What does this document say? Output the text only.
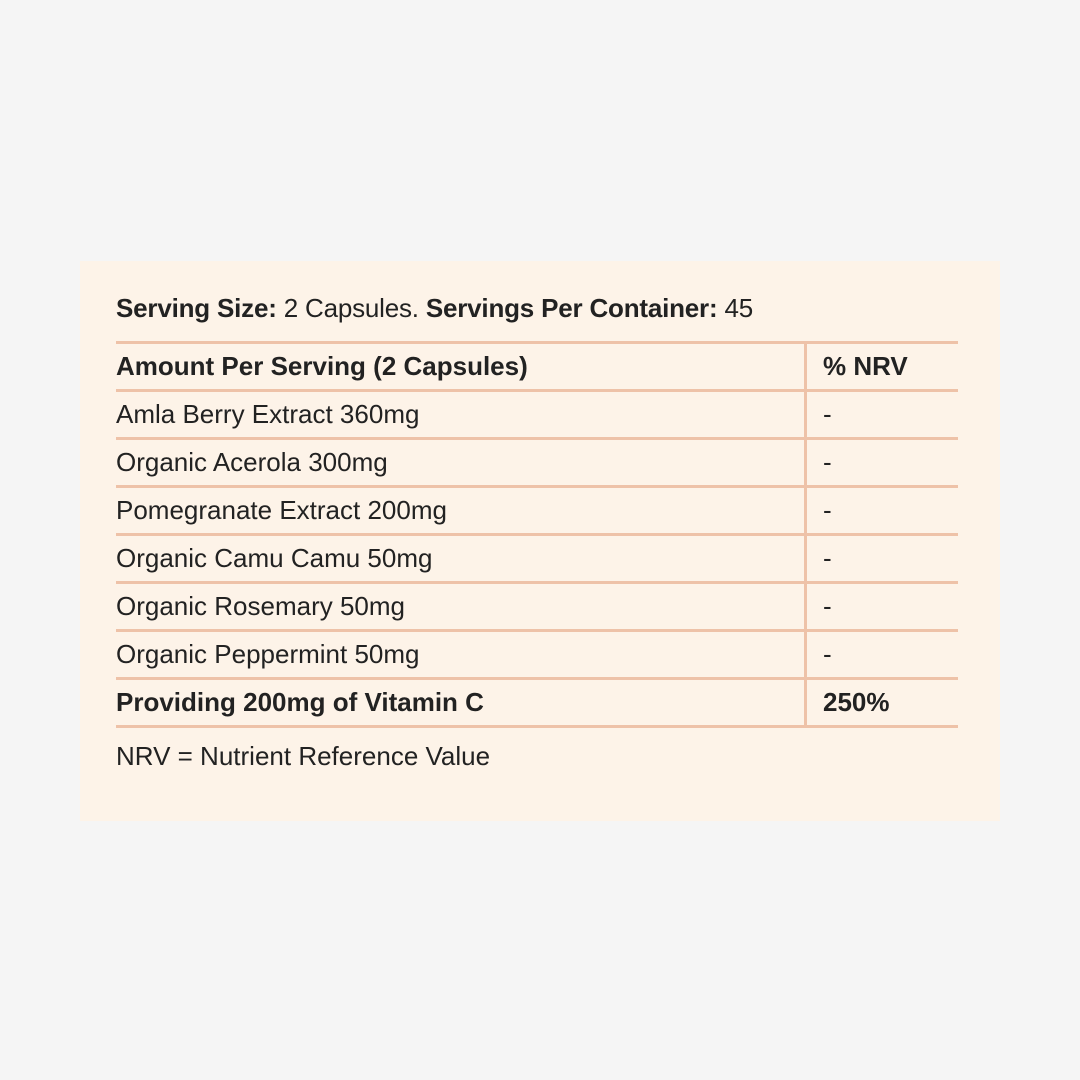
Serving Size: 2 Capsules. Servings Per Container: 45
Amount Per Serving (2 Capsules)	% NRV
Amla Berry Extract 360mg	-
Organic Acerola 300mg	-
Pomegranate Extract 200mg	-
Organic Camu Camu 50mg	-
Organic Rosemary 50mg	-
Organic Peppermint 50mg	-
Providing 200mg of Vitamin C	250%
NRV = Nutrient Reference Value
